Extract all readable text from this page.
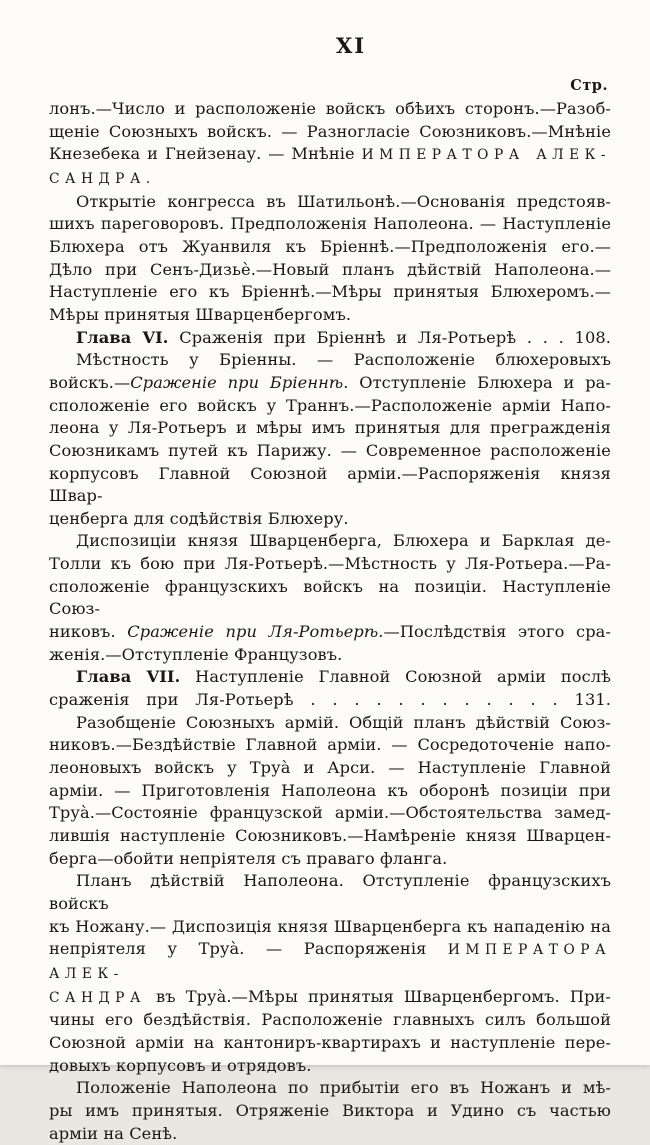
XI
Стр.
лонъ.—Число и расположеніе войскъ обѣихъ сторонъ.—Разоб-
щеніе Союзныхъ войскъ. — Разногласіе Союзниковъ.—Мнѣніе
Кнезебека и Гнейзенау. — Мнѣніе ИМПЕРАТОРА АЛЕК-
САНДРА.
Открытіе конгресса въ Шатильонѣ.—Основанія предстояв-
шихъ пареговоровъ. Предположенія Наполеона. — Наступленіе
Блюхера отъ Жуанвиля къ Бріеннѣ.—Предположенія его.—
Дѣло при Сенъ-Дизьѐ.—Новый планъ дѣйствій Наполеона.—
Наступленіе его къ Бріеннѣ.—Мѣры принятыя Блюхеромъ.—
Мѣры принятыя Шварценбергомъ.
Глава VI. Сраженія при Бріеннѣ и Ля-Ротьерѣ . . . 108.
Мѣстность у Бріенны. — Расположеніе блюхеровыхъ
войскъ.—Сраженіе при Бріеннѣ. Отступленіе Блюхера и ра-
сположеніе его войскъ у Траннъ.—Расположеніе арміи Напо-
леона у Ля-Ротьеръ и мѣры имъ принятыя для прегражденія
Союзникамъ путей къ Парижу. — Современное расположеніе
корпусовъ Главной Союзной арміи.—Распоряженія князя Швар-
ценберга для содѣйствія Блюхеру.
Диспозиціи князя Шварценберга, Блюхера и Барклая де-
Толли къ бою при Ля-Ротьерѣ.—Мѣстность у Ля-Ротьера.—Ра-
сположеніе французскихъ войскъ на позиціи. Наступленіе Союз-
никовъ. Сраженіе при Ля-Ротьерѣ.—Послѣдствія этого сра-
женія.—Отступленіе Французовъ.
Глава VII. Наступленіе Главной Союзной арміи послѣ
сраженія при Ля-Ротьерѣ . . . . . . . . . . . . 131.
Разобщеніе Союзныхъ армій. Общій планъ дѣйствій Союз-
никовъ.—Бездѣйствіе Главной арміи. — Сосредоточеніе напо-
леоновыхъ войскъ у Труа̀ и Арси. — Наступленіе Главной
арміи. — Приготовленія Наполеона къ оборонѣ позиціи при
Труа̀.—Состояніе французской арміи.—Обстоятельства замед-
лившія наступленіе Союзниковъ.—Намѣреніе князя Шварцен-
берга—обойти непріятеля съ праваго фланга.
Планъ дѣйствій Наполеона. Отступленіе французскихъ войскъ
къ Ножану.— Диспозиція князя Шварценберга къ нападенію на
непріятеля у Труа̀. — Распоряженія ИМПЕРАТОРА АЛЕК-
САНДРА въ Труа̀.—Мѣры принятыя Шварценбергомъ. При-
чины его бездѣйствія. Расположеніе главныхъ силъ большой
Союзной арміи на кантониръ-квартирахъ и наступленіе пере-
довыхъ корпусовъ и отрядовъ.
Положеніе Наполеона по прибытіи его въ Ножанъ и мѣ-
ры имъ принятыя. Отряженіе Виктора и Удино съ частью
арміи на Сенѣ.
